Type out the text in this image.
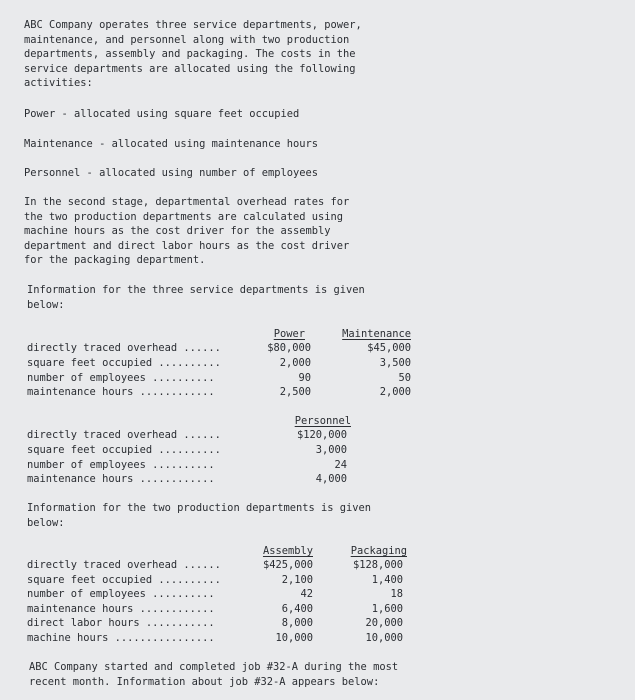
ABC Company operates three service departments, power,
maintenance, and personnel along with two production
departments, assembly and packaging. The costs in the
service departments are allocated using the following
activities:
Power - allocated using square feet occupied
Maintenance - allocated using maintenance hours
Personnel - allocated using number of employees
In the second stage, departmental overhead rates for
the two production departments are calculated using
machine hours as the cost driver for the assembly
department and direct labor hours as the cost driver
for the packaging department.
Information for the three service departments is given
below:
Power	Maintenance
directly traced overhead ......	$80,000	$45,000
square feet occupied ..........	2,000	3,500
number of employees ..........	90	50
maintenance hours ............	2,500	2,000
Personnel
directly traced overhead ......	$120,000
square feet occupied ..........	3,000
number of employees ..........	24
maintenance hours ............	4,000
Information for the two production departments is given
below:
Assembly	Packaging
directly traced overhead ......	$425,000	$128,000
square feet occupied ..........	2,100	1,400
number of employees ..........	42	18
maintenance hours ............	6,400	1,600
direct labor hours ...........	8,000	20,000
machine hours ................	10,000	10,000
ABC Company started and completed job #32-A during the most
recent month. Information about job #32-A appears below:
